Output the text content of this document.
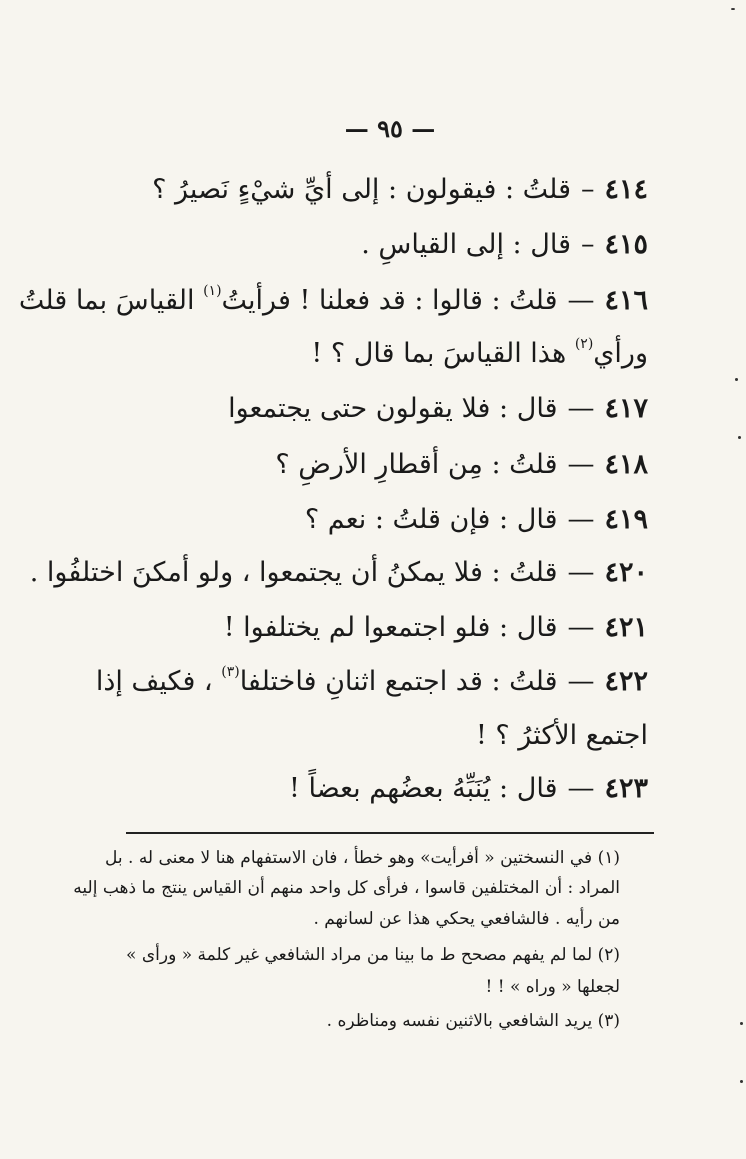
— ٩٥ —
٤١٤–قلتُ : فيقولون : إلى أيِّ شيْءٍ نَصيرُ ؟
٤١٥–قال : إلى القياسِ .
٤١٦—قلتُ : قالوا : قد فعلنا ! فرأيتُ$^{(١)}$ القياسَ بما قلتُ
ورأي$^{(٢)}$ هذا القياسَ بما قال ؟ !
٤١٧—قال : فلا يقولون حتى يجتمعوا
٤١٨—قلتُ : مِن أقطارِ الأرضِ ؟
٤١٩—قال : فإن قلتُ : نعم ؟
٤٢٠—قلتُ : فلا يمكنُ أن يجتمعوا ، ولو أمكنَ اختلفُوا .
٤٢١—قال : فلو اجتمعوا لم يختلفوا !
٤٢٢—قلتُ : قد اجتمع اثنانِ فاختلفا$^{(٣)}$ ، فكيف إذا
اجتمع الأكثرُ ؟ !
٤٢٣—قال : يُنَبِّهُ بعضُهم بعضاً !
(١) في النسختين « أفرأيت» وهو خطأ ، فان الاستفهام هنا لا معنى له . بل
المراد : أن المختلفين قاسوا ، فرأى كل واحد منهم أن القياس ينتج ما ذهب إليه
من رأيه . فالشافعي يحكي هذا عن لسانهم .
(٢) لما لم يفهم مصحح ط ما بينا من مراد الشافعي غير كلمة « ورأى »
لجعلها « وراه » ! !
(٣) يريد الشافعي بالاثنين نفسه ومناظره .
